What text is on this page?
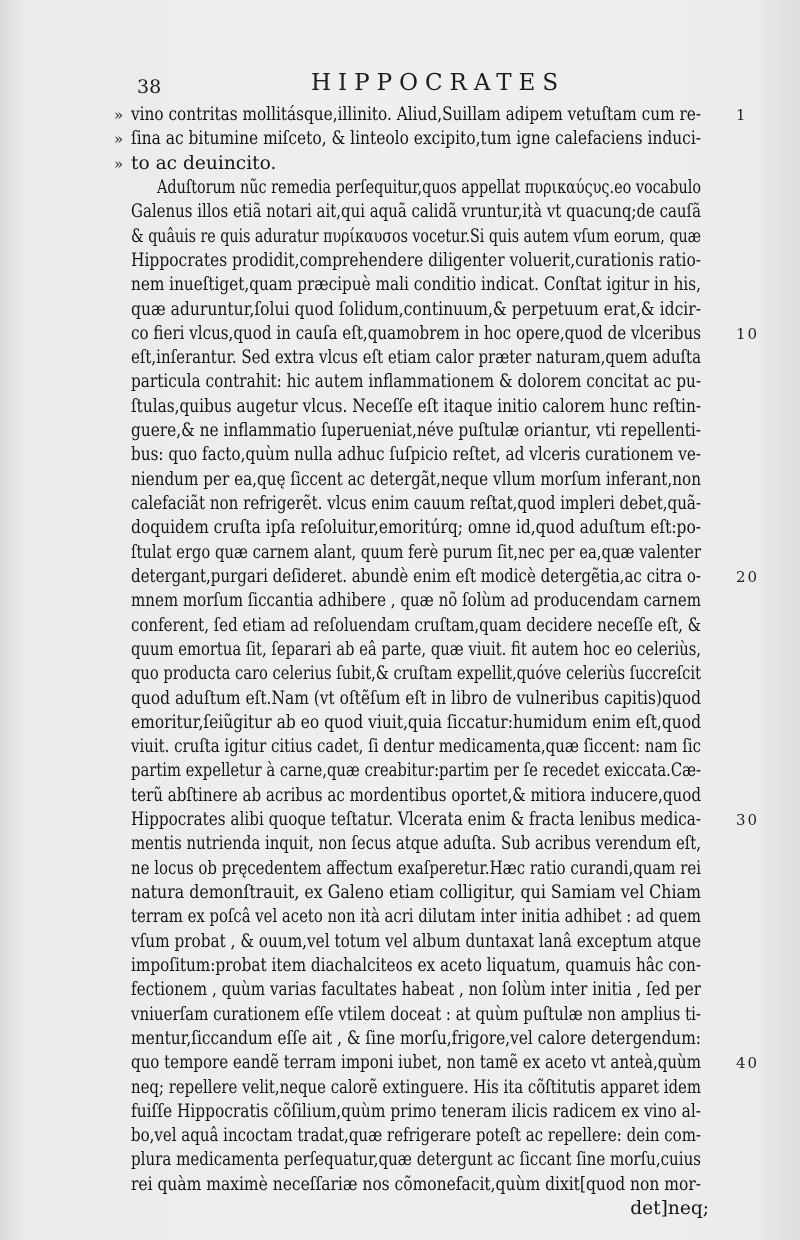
38	HIPPOCRATES
» vino contritas mollitásque,illinito. Aliud,Suillam adipem vetuſtam cum re- 1
» ſina ac bitumine miſceto, & linteolo excipito,tum igne calefaciens induci-
» to ac deuincito.
Aduſtorum nũc remedia perſequitur,quos appellat πυρικαύςυς.eo vocabulo
Galenus illos etiã notari ait,qui aquã calidã vruntur,ità vt quacunq;de cauſã
& quâuis re quis aduratur πυρίκαυσοs vocetur.Si quis autem vſum eorum, quæ
Hippocrates prodidit,comprehendere diligenter voluerit,curationis ratio-
nem inueſtiget,quam præcipuè mali conditio indicat. Conſtat igitur in his,
quæ aduruntur,ſolui quod ſolidum,continuum,& perpetuum erat,& idcir-
co fieri vlcus,quod in cauſa eſt,quamobrem in hoc opere,quod de vlceribus 10
eſt,inſerantur. Sed extra vlcus eſt etiam calor præter naturam,quem aduſta
particula contrahit: hic autem inflammationem & dolorem concitat ac pu-
ſtulas,quibus augetur vlcus. Neceſſe eſt itaque initio calorem hunc reſtin-
guere,& ne inflammatio ſuperueniat,néve puſtulæ oriantur, vti repellenti-
bus: quo facto,quùm nulla adhuc ſuſpicio reſtet, ad vlceris curationem ve-
niendum per ea,quę ſiccent ac detergãt,neque vllum morſum inferant,non
calefaciãt non refrigerẽt. vlcus enim cauum reſtat,quod impleri debet,quã-
doquidem cruſta ipſa reſoluitur,emoritúrq; omne id,quod aduſtum eſt:po-
ſtulat ergo quæ carnem alant, quum ferè purum ſit,nec per ea,quæ valenter
detergant,purgari deſideret. abundè enim eſt modicè detergẽtia,ac citra o- 20
mnem morſum ſiccantia adhibere , quæ nõ ſolùm ad producendam carnem
conferent, ſed etiam ad reſoluendam cruſtam,quam decidere neceſſe eſt, &
quum emortua ſit, ſeparari ab eâ parte, quæ viuit. fit autem hoc eo celeriùs,
quo producta caro celerius ſubit,& cruſtam expellit,quóve celeriùs ſuccreſcit
quod aduſtum eſt.Nam (vt oſtẽſum eſt in libro de vulneribus capitis)quod
emoritur,ſeiũgitur ab eo quod viuit,quia ſiccatur:humidum enim eſt,quod
viuit. cruſta igitur citius cadet, ſi dentur medicamenta,quæ ſiccent: nam ſic
partim expelletur à carne,quæ creabitur:partim per ſe recedet exiccata.Cæ-
terũ abſtinere ab acribus ac mordentibus oportet,& mitiora inducere,quod
Hippocrates alibi quoque teſtatur. Vlcerata enim & fracta lenibus medica- 30
mentis nutrienda inquit, non ſecus atque aduſta. Sub acribus verendum eſt,
ne locus ob pręcedentem affectum exaſperetur.Hæc ratio curandi,quam rei
natura demonſtrauit, ex Galeno etiam colligitur, qui Samiam vel Chiam
terram ex poſcâ vel aceto non ità acri dilutam inter initia adhibet : ad quem
vſum probat , & ouum,vel totum vel album duntaxat lanâ exceptum atque
impoſitum:probat item diachalciteos ex aceto liquatum, quamuis hâc con-
fectionem , quùm varias facultates habeat , non ſolùm inter initia , ſed per
vniuerſam curationem eſſe vtilem doceat : at quùm puſtulæ non amplius ti-
mentur,ſiccandum eſſe ait , & ſine morſu,frigore,vel calore detergendum:
quo tempore eandẽ terram imponi iubet, non tamẽ ex aceto vt anteà,quùm 40
neq; repellere velit,neque calorẽ extinguere. His ita cõſtitutis apparet idem
fuiſſe Hippocratis cõſilium,quùm primo teneram ilicis radicem ex vino al-
bo,vel aquâ incoctam tradat,quæ refrigerare poteſt ac repellere: dein com-
plura medicamenta perſequatur,quæ detergunt ac ſiccant ſine morſu,cuius
rei quàm maximè neceſſariæ nos cõmonefacit,quùm dixit[quod non mor-
det]neq;
